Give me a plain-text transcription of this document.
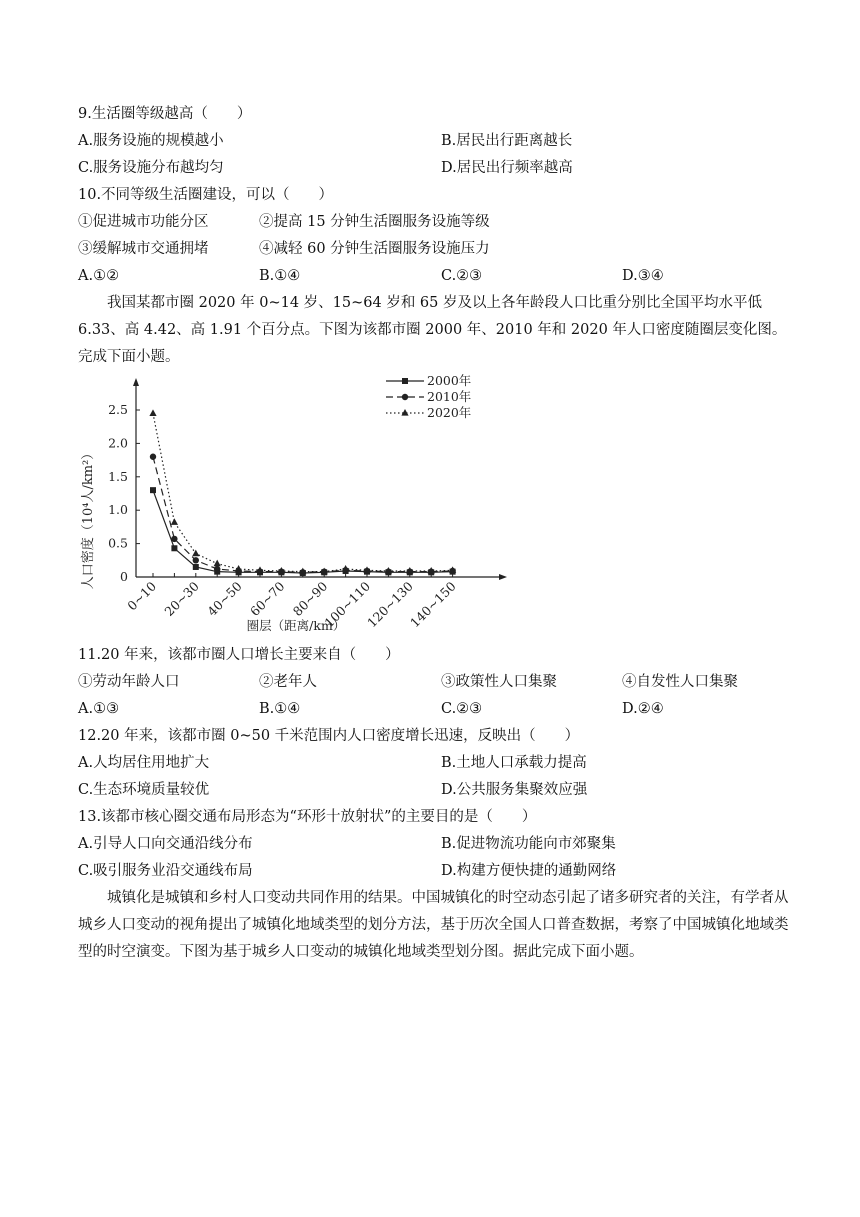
9.生活圈等级越高（　　）
A.服务设施的规模越小	B.居民出行距离越长
C.服务设施分布越均匀	D.居民出行频率越高
10.不同等级生活圈建设，可以（　　）
①促进城市功能分区	②提高 15 分钟生活圈服务设施等级
③缓解城市交通拥堵	④减轻 60 分钟生活圈服务设施压力
A.①②	B.①④	C.②③	D.③④
我国某都市圈 2020 年 0~14 岁、15~64 岁和 65 岁及以上各年龄段人口比重分别比全国平均水平低 6.33、高 4.42、高 1.91 个百分点。下图为该都市圈 2000 年、2010 年和 2020 年人口密度随圈层变化图。完成下面小题。
0
0.5
1.0
1.5
2.0
2.5
0~10 20~30 40~50 60~70 80~90
100~110
120~130
140~150
2000年
2010年
2020年
人口密度（10⁴人/km²）
圈层（距离/km）
11.20 年来，该都市圈人口增长主要来自（　　）
①劳动年龄人口	②老年人	③政策性人口集聚	④自发性人口集聚
A.①③	B.①④	C.②③	D.②④
12.20 年来，该都市圈 0~50 千米范围内人口密度增长迅速，反映出（　　）
A.人均居住用地扩大	B.土地人口承载力提高
C.生态环境质量较优	D.公共服务集聚效应强
13.该都市核心圈交通布局形态为“环形十放射状”的主要目的是（　　）
A.引导人口向交通沿线分布	B.促进物流功能向市郊聚集
C.吸引服务业沿交通线布局	D.构建方便快捷的通勤网络
城镇化是城镇和乡村人口变动共同作用的结果。中国城镇化的时空动态引起了诸多研究者的关注，有学者从城乡人口变动的视角提出了城镇化地域类型的划分方法，基于历次全国人口普查数据，考察了中国城镇化地域类型的时空演变。下图为基于城乡人口变动的城镇化地域类型划分图。据此完成下面小题。
